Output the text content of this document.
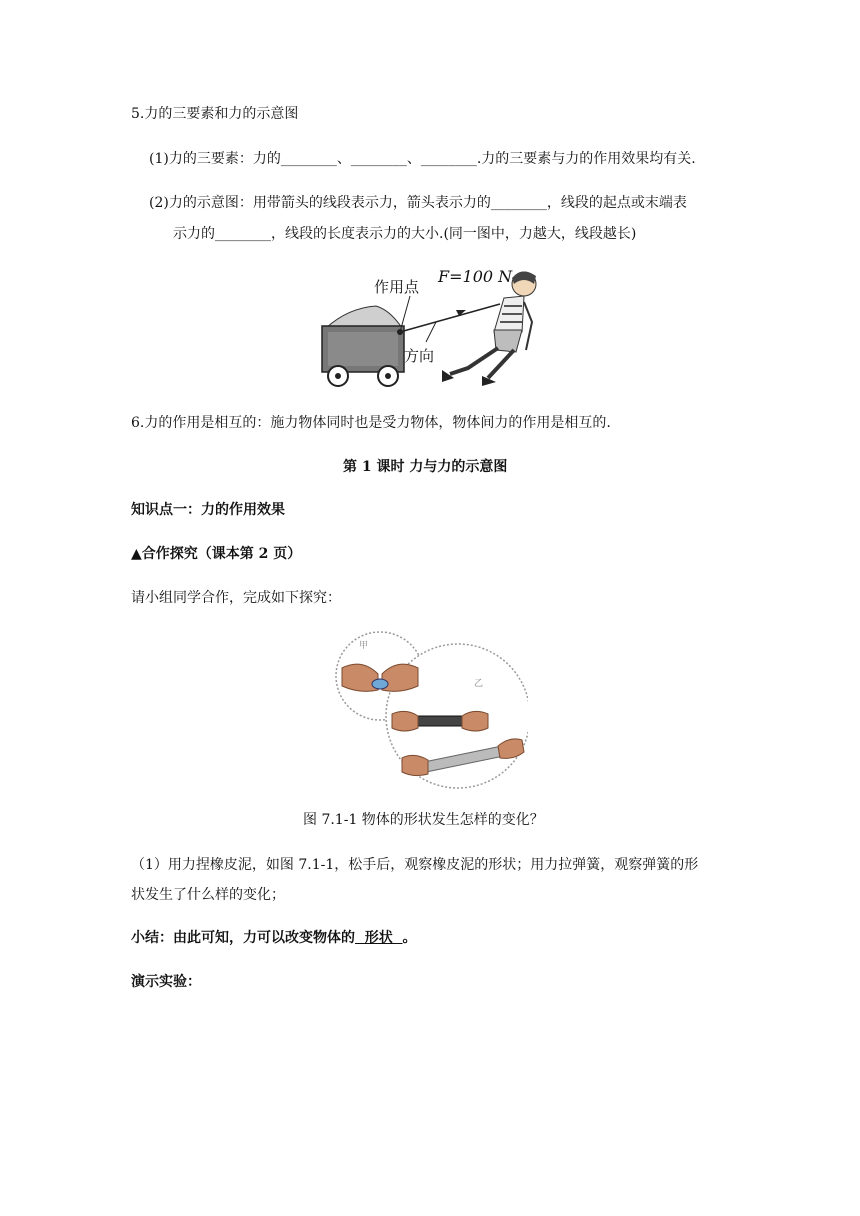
5.力的三要素和力的示意图
(1)力的三要素：力的________、________、________.力的三要素与力的作用效果均有关.
(2)力的示意图：用带箭头的线段表示力，箭头表示力的________，线段的起点或末端表
示力的________，线段的长度表示力的大小.(同一图中，力越大，线段越长)
作用点
F=100 N
方向
6.力的作用是相互的：施力物体同时也是受力物体，物体间力的作用是相互的.
第 1 课时 力与力的示意图
知识点一：力的作用效果
▲合作探究（课本第 2 页）
请小组同学合作，完成如下探究：
甲
乙
图 7.1-1 物体的形状发生怎样的变化？
（1）用力捏橡皮泥，如图 7.1-1，松手后，观察橡皮泥的形状；用力拉弹簧，观察弹簧的形
状发生了什么样的变化；
小结：由此可知，力可以改变物体的  形状  。
演示实验：
